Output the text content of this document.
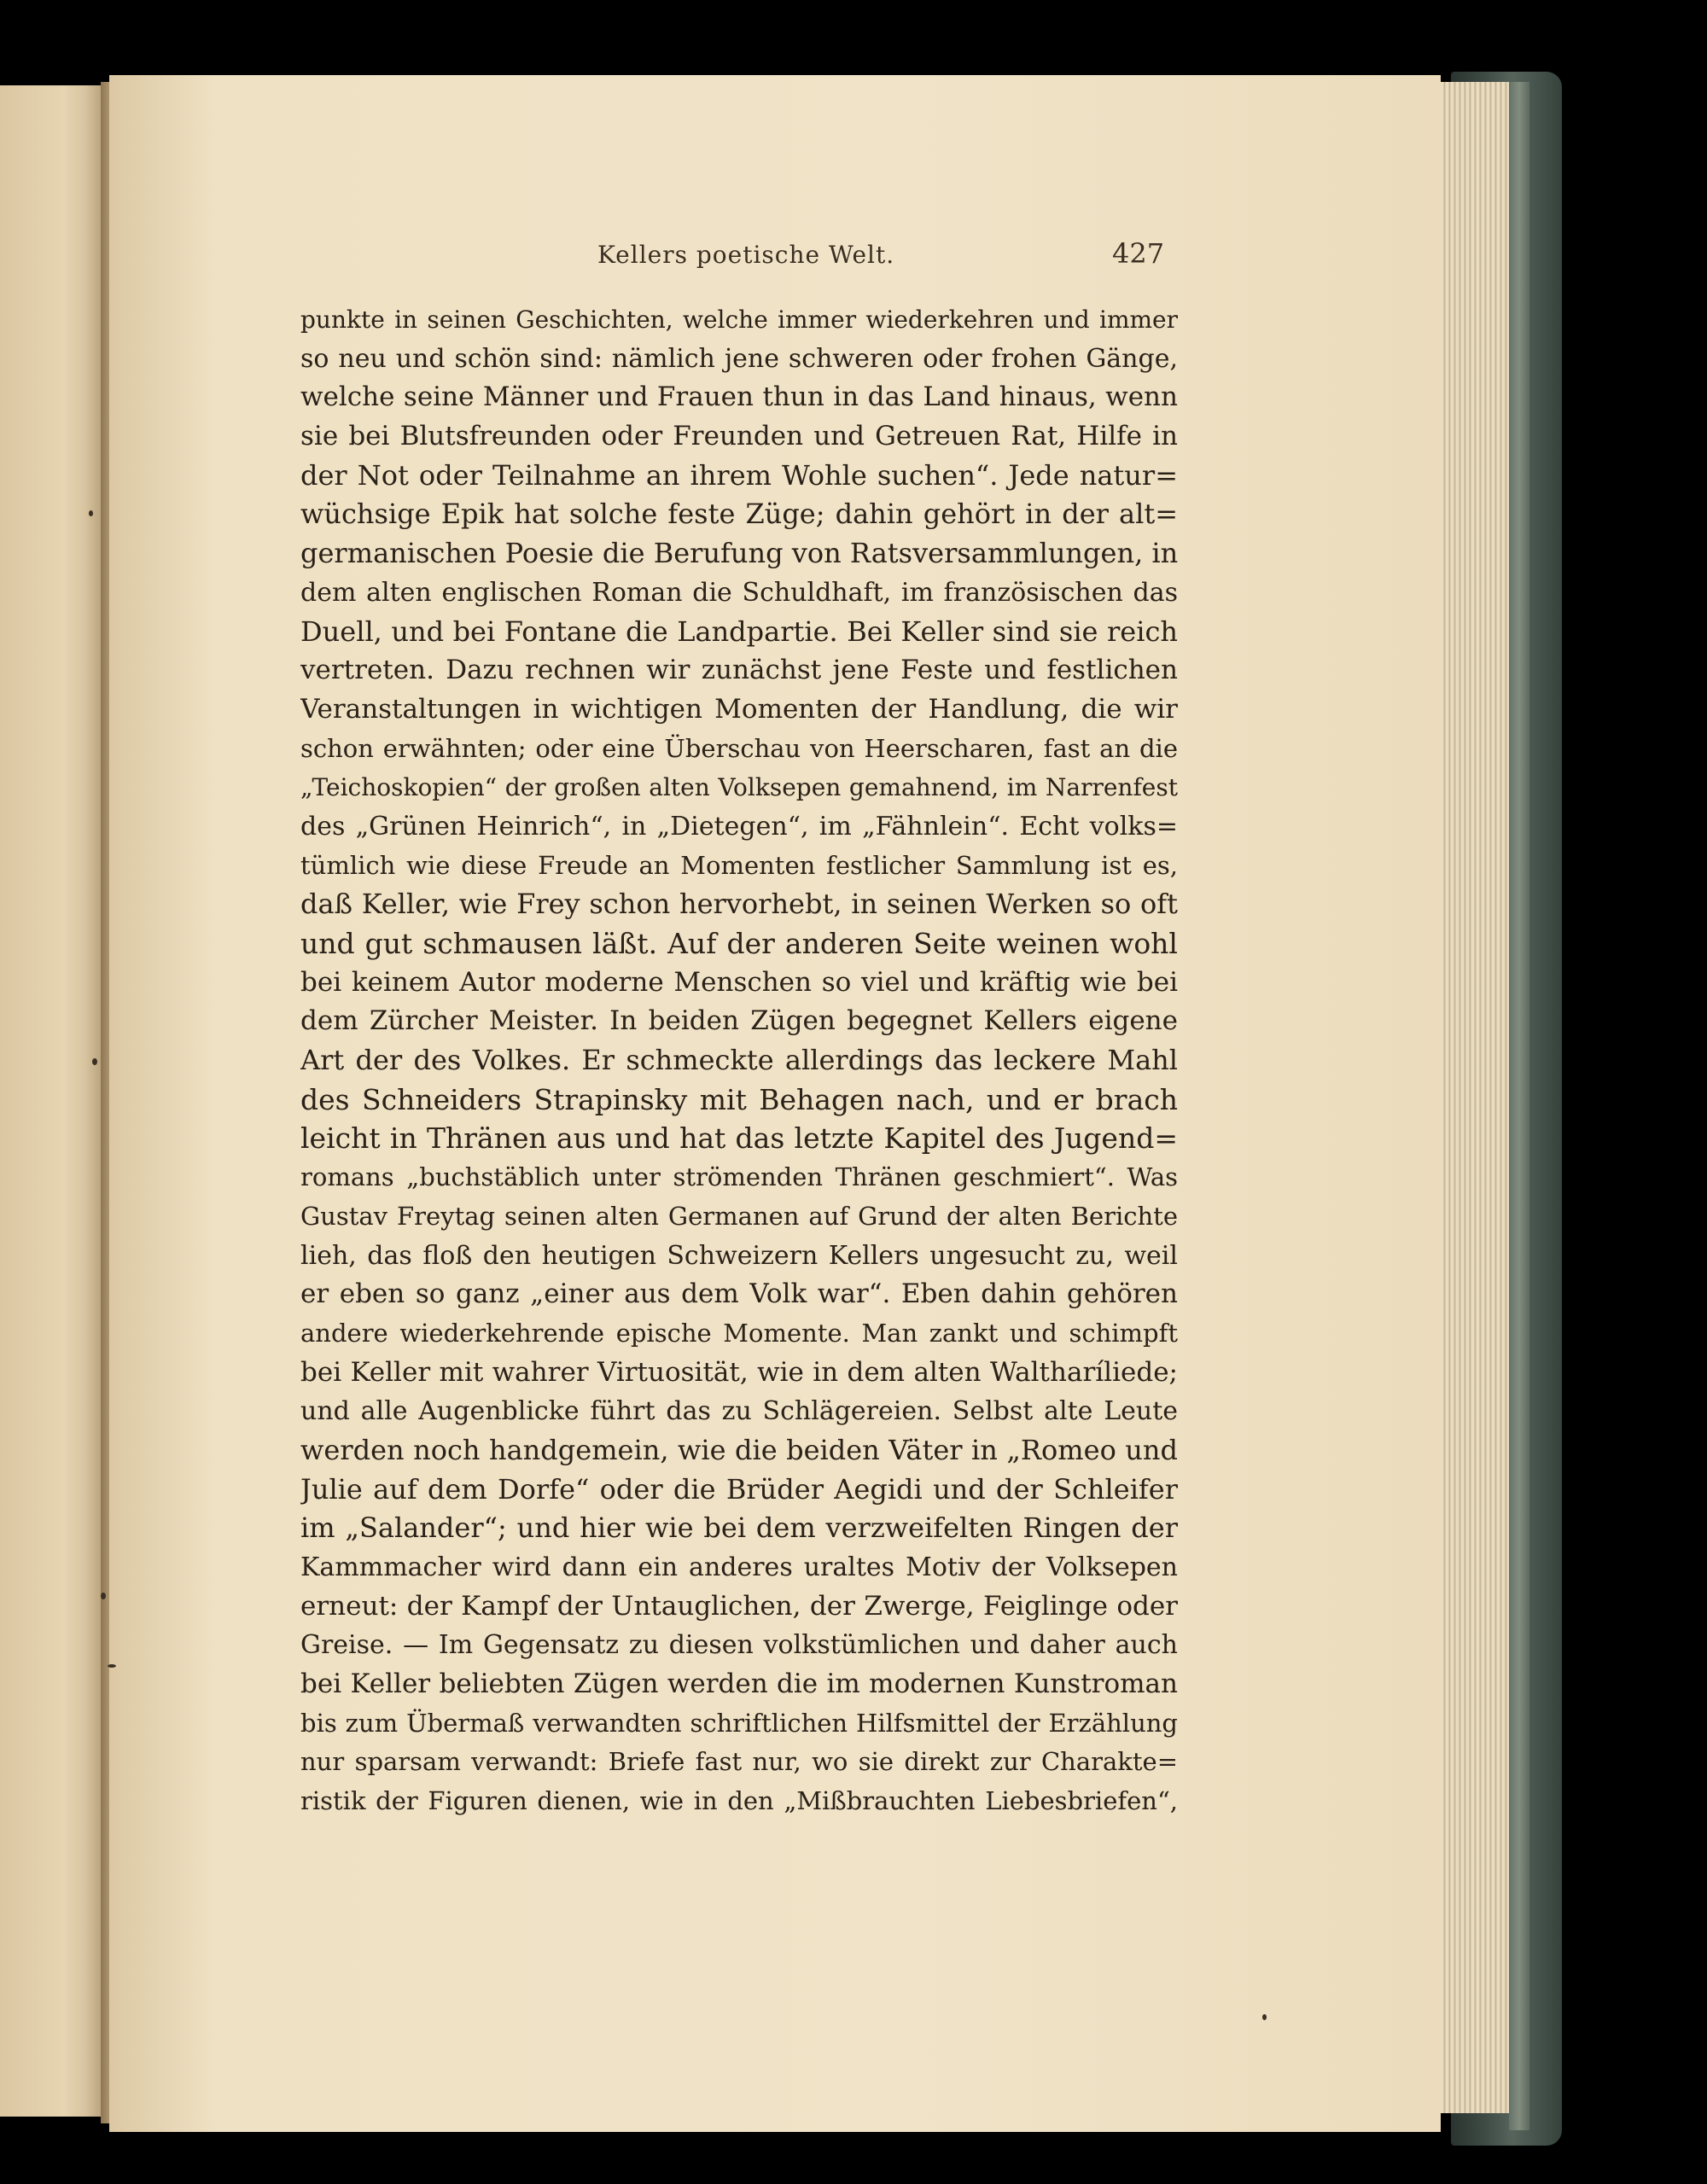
Kellers poetische Welt.	427
punkte in seinen Geschichten, welche immer wiederkehren und immer
so neu und schön sind: nämlich jene schweren oder frohen Gänge,
welche seine Männer und Frauen thun in das Land hinaus, wenn
sie bei Blutsfreunden oder Freunden und Getreuen Rat, Hilfe in
der Not oder Teilnahme an ihrem Wohle suchen“. Jede natur=
wüchsige Epik hat solche feste Züge; dahin gehört in der alt=
germanischen Poesie die Berufung von Ratsversammlungen, in
dem alten englischen Roman die Schuldhaft, im französischen das
Duell, und bei Fontane die Landpartie. Bei Keller sind sie reich
vertreten. Dazu rechnen wir zunächst jene Feste und festlichen
Veranstaltungen in wichtigen Momenten der Handlung, die wir
schon erwähnten; oder eine Überschau von Heerscharen, fast an die
„Teichoskopien“ der großen alten Volksepen gemahnend, im Narrenfest
des „Grünen Heinrich“, in „Dietegen“, im „Fähnlein“. Echt volks=
tümlich wie diese Freude an Momenten festlicher Sammlung ist es,
daß Keller, wie Frey schon hervorhebt, in seinen Werken so oft
und gut schmausen läßt. Auf der anderen Seite weinen wohl
bei keinem Autor moderne Menschen so viel und kräftig wie bei
dem Zürcher Meister. In beiden Zügen begegnet Kellers eigene
Art der des Volkes. Er schmeckte allerdings das leckere Mahl
des Schneiders Strapinsky mit Behagen nach, und er brach
leicht in Thränen aus und hat das letzte Kapitel des Jugend=
romans „buchstäblich unter strömenden Thränen geschmiert“. Was
Gustav Freytag seinen alten Germanen auf Grund der alten Berichte
lieh, das floß den heutigen Schweizern Kellers ungesucht zu, weil
er eben so ganz „einer aus dem Volk war“. Eben dahin gehören
andere wiederkehrende epische Momente. Man zankt und schimpft
bei Keller mit wahrer Virtuosität, wie in dem alten Waltharíliede;
und alle Augenblicke führt das zu Schlägereien. Selbst alte Leute
werden noch handgemein, wie die beiden Väter in „Romeo und
Julie auf dem Dorfe“ oder die Brüder Aegidi und der Schleifer
im „Salander“; und hier wie bei dem verzweifelten Ringen der
Kammmacher wird dann ein anderes uraltes Motiv der Volksepen
erneut: der Kampf der Untauglichen, der Zwerge, Feiglinge oder
Greise. — Im Gegensatz zu diesen volkstümlichen und daher auch
bei Keller beliebten Zügen werden die im modernen Kunstroman
bis zum Übermaß verwandten schriftlichen Hilfsmittel der Erzählung
nur sparsam verwandt: Briefe fast nur, wo sie direkt zur Charakte=
ristik der Figuren dienen, wie in den „Mißbrauchten Liebesbriefen“,
